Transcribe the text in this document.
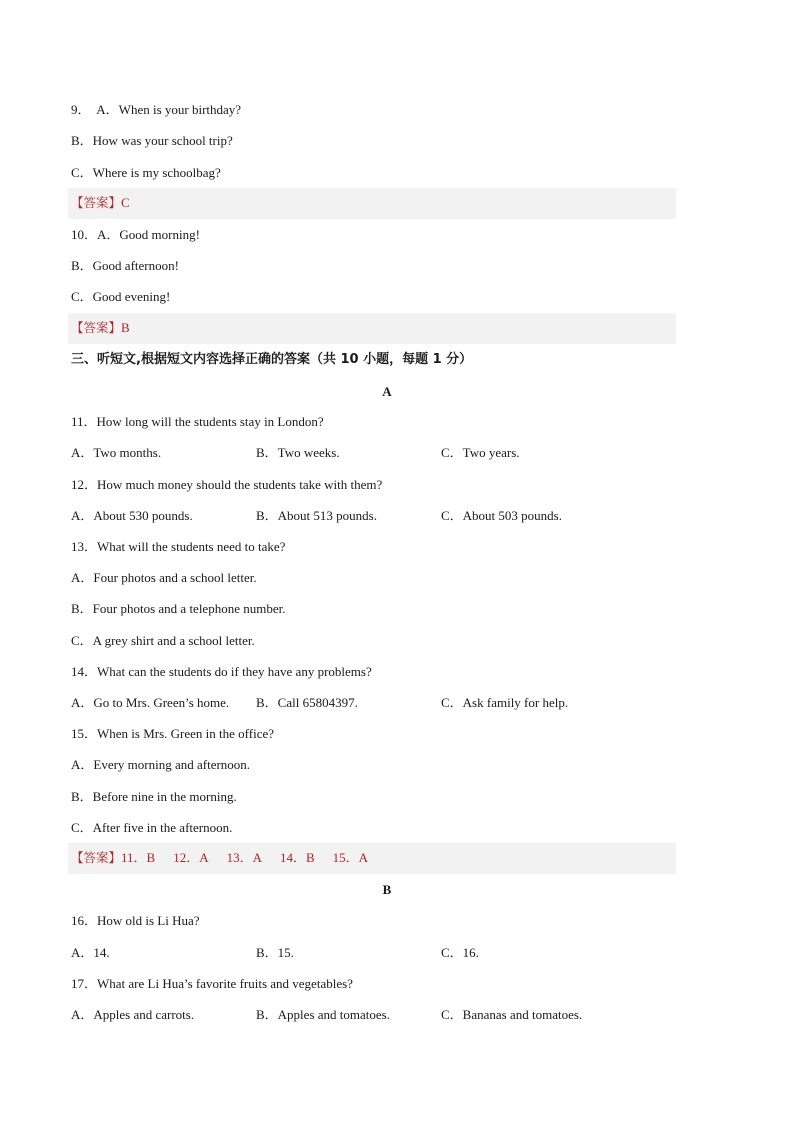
9．  A．When is your birthday?
B．How was your school trip?
C．Where is my schoolbag?
【答案】C
10．A．Good morning!
B．Good afternoon!
C．Good evening!
【答案】B
三、听短文,根据短文内容选择正确的答案（共 10 小题，每题 1 分）
A
11．How long will the students stay in London?
A．Two months.	B．Two weeks.	C．Two years.
12．How much money should the students take with them?
A．About 530 pounds.	B．About 513 pounds.	C．About 503 pounds.
13．What will the students need to take?
A．Four photos and a school letter.
B．Four photos and a telephone number.
C．A grey shirt and a school letter.
14．What can the students do if they have any problems?
A．Go to Mrs. Green’s home. B．Call 65804397.	C．Ask family for help.
15．When is Mrs. Green in the office?
A．Every morning and afternoon.
B．Before nine in the morning.
C．After five in the afternoon.
【答案】11．B 12．A 13．A 14．B 15．A
B
16．How old is Li Hua?
A．14.	B．15.	C．16.
17．What are Li Hua’s favorite fruits and vegetables?
A．Apples and carrots.	B．Apples and tomatoes.	C．Bananas and tomatoes.
